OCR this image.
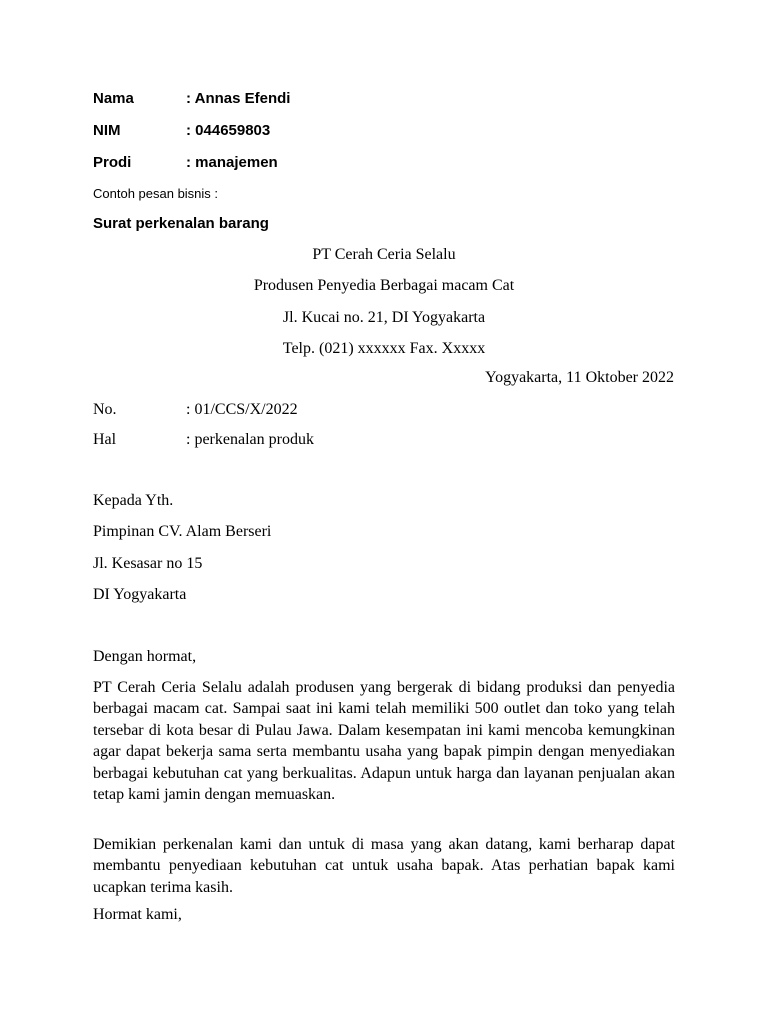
Nama	: Annas Efendi
NIM	: 044659803
Prodi	: manajemen
Contoh pesan bisnis :
Surat perkenalan barang
PT Cerah Ceria Selalu
Produsen Penyedia Berbagai macam Cat
Jl. Kucai no. 21, DI Yogyakarta
Telp. (021) xxxxxx Fax. Xxxxx
Yogyakarta, 11 Oktober 2022
No.	: 01/CCS/X/2022
Hal	: perkenalan produk
Kepada Yth.
Pimpinan CV. Alam Berseri
Jl. Kesasar no 15
DI Yogyakarta
Dengan hormat,
PT Cerah Ceria Selalu adalah produsen yang bergerak di bidang produksi dan penyedia berbagai macam cat. Sampai saat ini kami telah memiliki 500 outlet dan toko yang telah tersebar di kota besar di Pulau Jawa. Dalam kesempatan ini kami mencoba kemungkinan agar dapat bekerja sama serta membantu usaha yang bapak pimpin dengan menyediakan berbagai kebutuhan cat yang berkualitas. Adapun untuk harga dan layanan penjualan akan tetap kami jamin dengan memuaskan.
Demikian perkenalan kami dan untuk di masa yang akan datang, kami berharap dapat membantu penyediaan kebutuhan cat untuk usaha bapak. Atas perhatian bapak kami ucapkan terima kasih.
Hormat kami,
